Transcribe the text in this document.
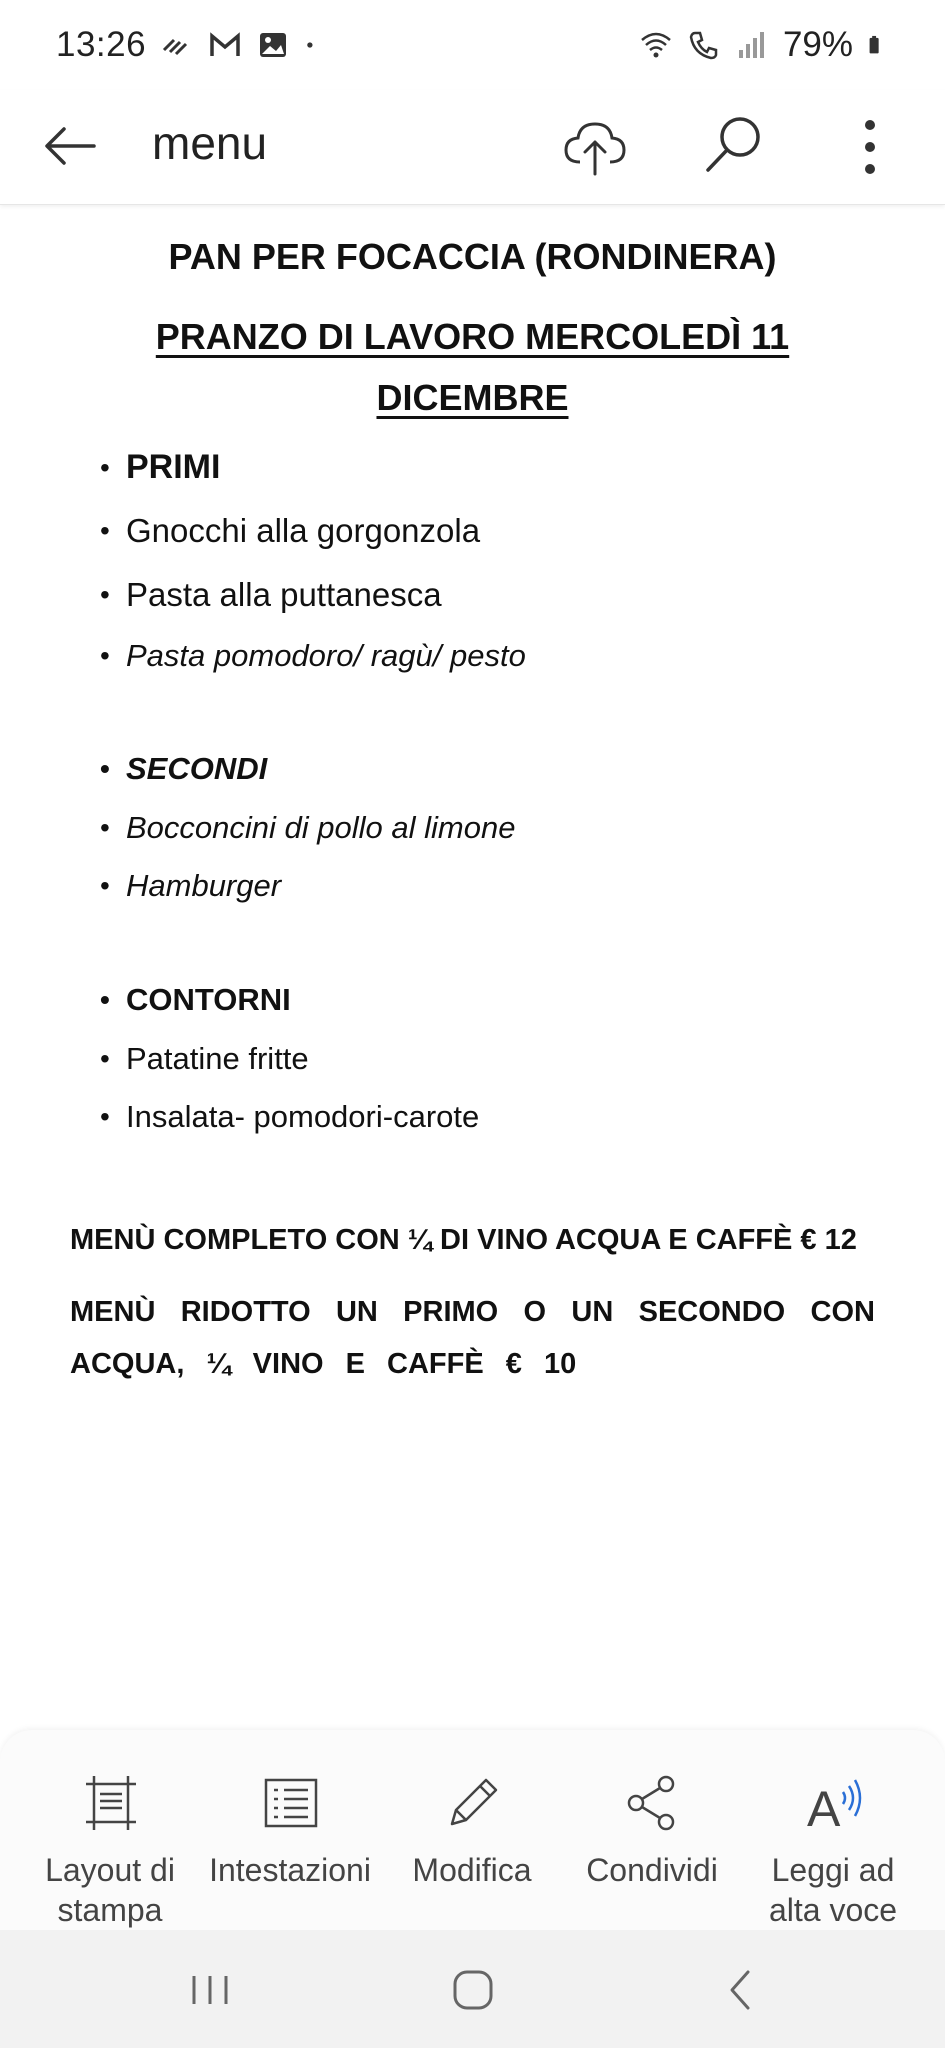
13:26	79%
menu
PAN PER FOCACCIA (RONDINERA)
PRANZO DI LAVORO MERCOLEDÌ 11 DICEMBRE
• PRIMI
• Gnocchi alla gorgonzola
• Pasta alla puttanesca
• Pasta pomodoro/ ragù/ pesto
• SECONDI
• Bocconcini di pollo al limone
• Hamburger
• CONTORNI
• Patatine fritte
• Insalata- pomodori-carote
MENÙ COMPLETO CON ¼ DI VINO ACQUA E CAFFÈ € 12
MENÙ RIDOTTO UN PRIMO O UN SECONDO CON ACQUA, ¼ VINO E CAFFÈ € 10
Layout di stampa
Intestazioni	Modifica	Condividi
A
Leggi ad alta voce
